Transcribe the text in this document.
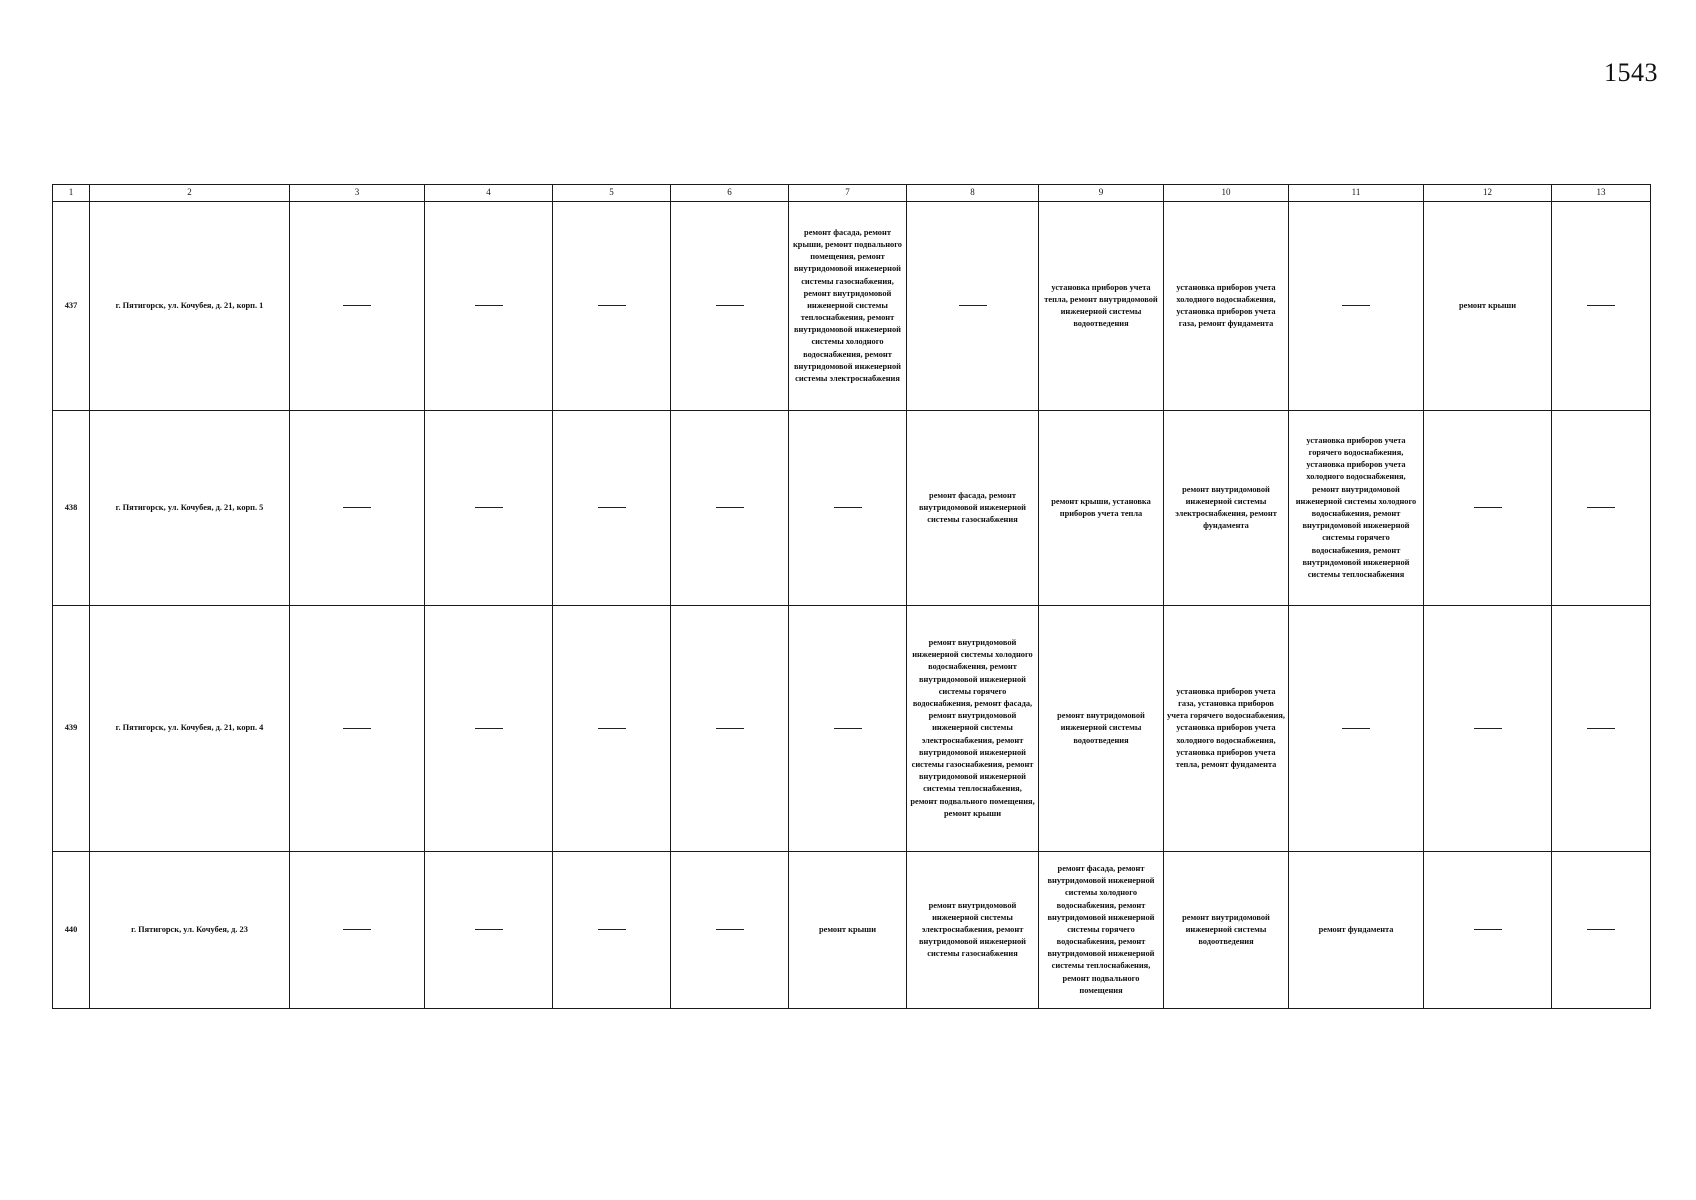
1543
1	2	3	4	5	6	7	8	9	10	11	12	13
437	г. Пятигорск, ул. Кочубея, д. 21, корп. 1					ремонт фасада, ремонт крыши, ремонт подвального помещения, ремонт внутридомовой инженерной системы газоснабжения, ремонт внутридомовой инженерной системы теплоснабжения, ремонт внутридомовой инженерной системы холодного водоснабжения, ремонт внутридомовой инженерной системы электроснабжения		установка приборов учета тепла, ремонт внутридомовой инженерной системы водоотведения	установка приборов учета холодного водоснабжения, установка приборов учета газа, ремонт фундамента		ремонт крыши	
438	г. Пятигорск, ул. Кочубея, д. 21, корп. 5						ремонт фасада, ремонт внутридомовой инженерной системы газоснабжения	ремонт крыши, установка приборов учета тепла	ремонт внутридомовой инженерной системы электроснабжения, ремонт фундамента	установка приборов учета горячего водоснабжения, установка приборов учета холодного водоснабжения, ремонт внутридомовой инженерной системы холодного водоснабжения, ремонт внутридомовой инженерной системы горячего водоснабжения, ремонт внутридомовой инженерной системы теплоснабжения		
439	г. Пятигорск, ул. Кочубея, д. 21, корп. 4						ремонт внутридомовой инженерной системы холодного водоснабжения, ремонт внутридомовой инженерной системы горячего водоснабжения, ремонт фасада, ремонт внутридомовой инженерной системы электроснабжения, ремонт внутридомовой инженерной системы газоснабжения, ремонт внутридомовой инженерной системы теплоснабжения, ремонт подвального помещения, ремонт крыши	ремонт внутридомовой инженерной системы водоотведения	установка приборов учета газа, установка приборов учета горячего водоснабжения, установка приборов учета холодного водоснабжения, установка приборов учета тепла, ремонт фундамента			
440	г. Пятигорск, ул. Кочубея, д. 23					ремонт крыши	ремонт внутридомовой инженерной системы электроснабжения, ремонт внутридомовой инженерной системы газоснабжения	ремонт фасада, ремонт внутридомовой инженерной системы холодного водоснабжения, ремонт внутридомовой инженерной системы горячего водоснабжения, ремонт внутридомовой инженерной системы теплоснабжения, ремонт подвального помещения	ремонт внутридомовой инженерной системы водоотведения	ремонт фундамента		
